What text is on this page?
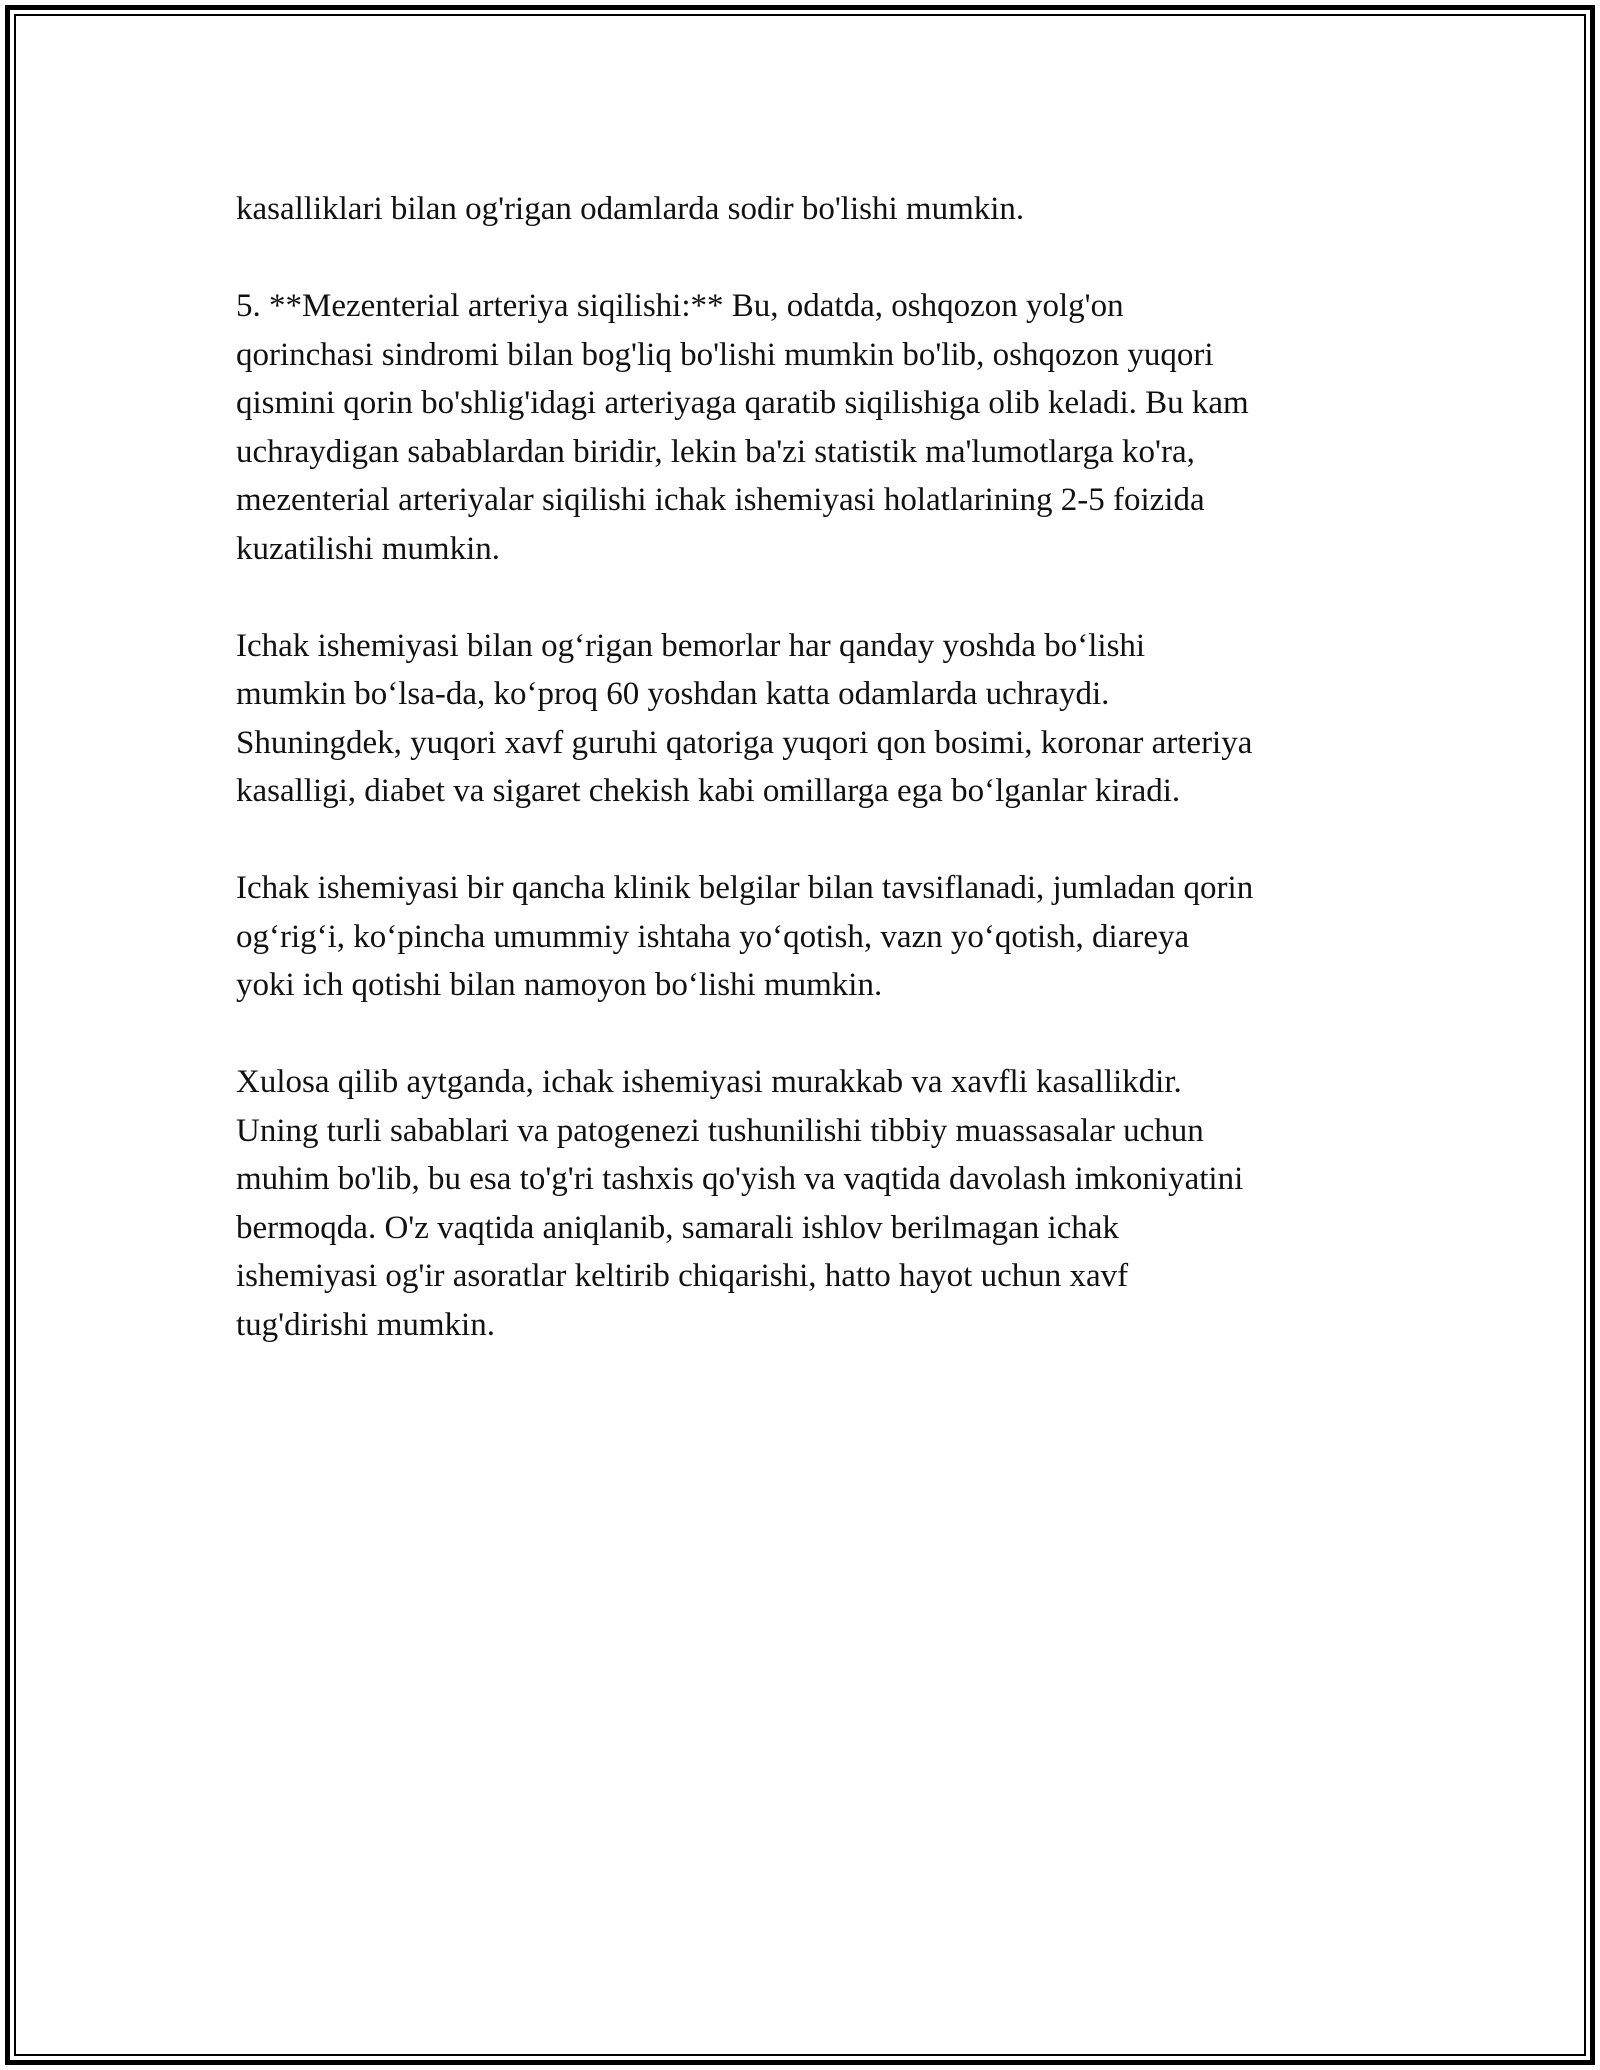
kasalliklari bilan og'rigan odamlarda sodir bo'lishi mumkin.

5. **Mezenterial arteriya siqilishi:** Bu, odatda, oshqozon yolg'on
qorinchasi sindromi bilan bog'liq bo'lishi mumkin bo'lib, oshqozon yuqori
qismini qorin bo'shlig'idagi arteriyaga qaratib siqilishiga olib keladi. Bu kam
uchraydigan sabablardan biridir, lekin ba'zi statistik ma'lumotlarga ko'ra,
mezenterial arteriyalar siqilishi ichak ishemiyasi holatlarining 2-5 foizida
kuzatilishi mumkin.

Ichak ishemiyasi bilan og‘rigan bemorlar har qanday yoshda bo‘lishi
mumkin bo‘lsa-da, ko‘proq 60 yoshdan katta odamlarda uchraydi.
Shuningdek, yuqori xavf guruhi qatoriga yuqori qon bosimi, koronar arteriya
kasalligi, diabet va sigaret chekish kabi omillarga ega bo‘lganlar kiradi.

Ichak ishemiyasi bir qancha klinik belgilar bilan tavsiflanadi, jumladan qorin
og‘rig‘i, ko‘pincha umummiy ishtaha yo‘qotish, vazn yo‘qotish, diareya
yoki ich qotishi bilan namoyon bo‘lishi mumkin.

Xulosa qilib aytganda, ichak ishemiyasi murakkab va xavfli kasallikdir.
Uning turli sabablari va patogenezi tushunilishi tibbiy muassasalar uchun
muhim bo'lib, bu esa to'g'ri tashxis qo'yish va vaqtida davolash imkoniyatini
bermoqda. O'z vaqtida aniqlanib, samarali ishlov berilmagan ichak
ishemiyasi og'ir asoratlar keltirib chiqarishi, hatto hayot uchun xavf
tug'dirishi mumkin.
